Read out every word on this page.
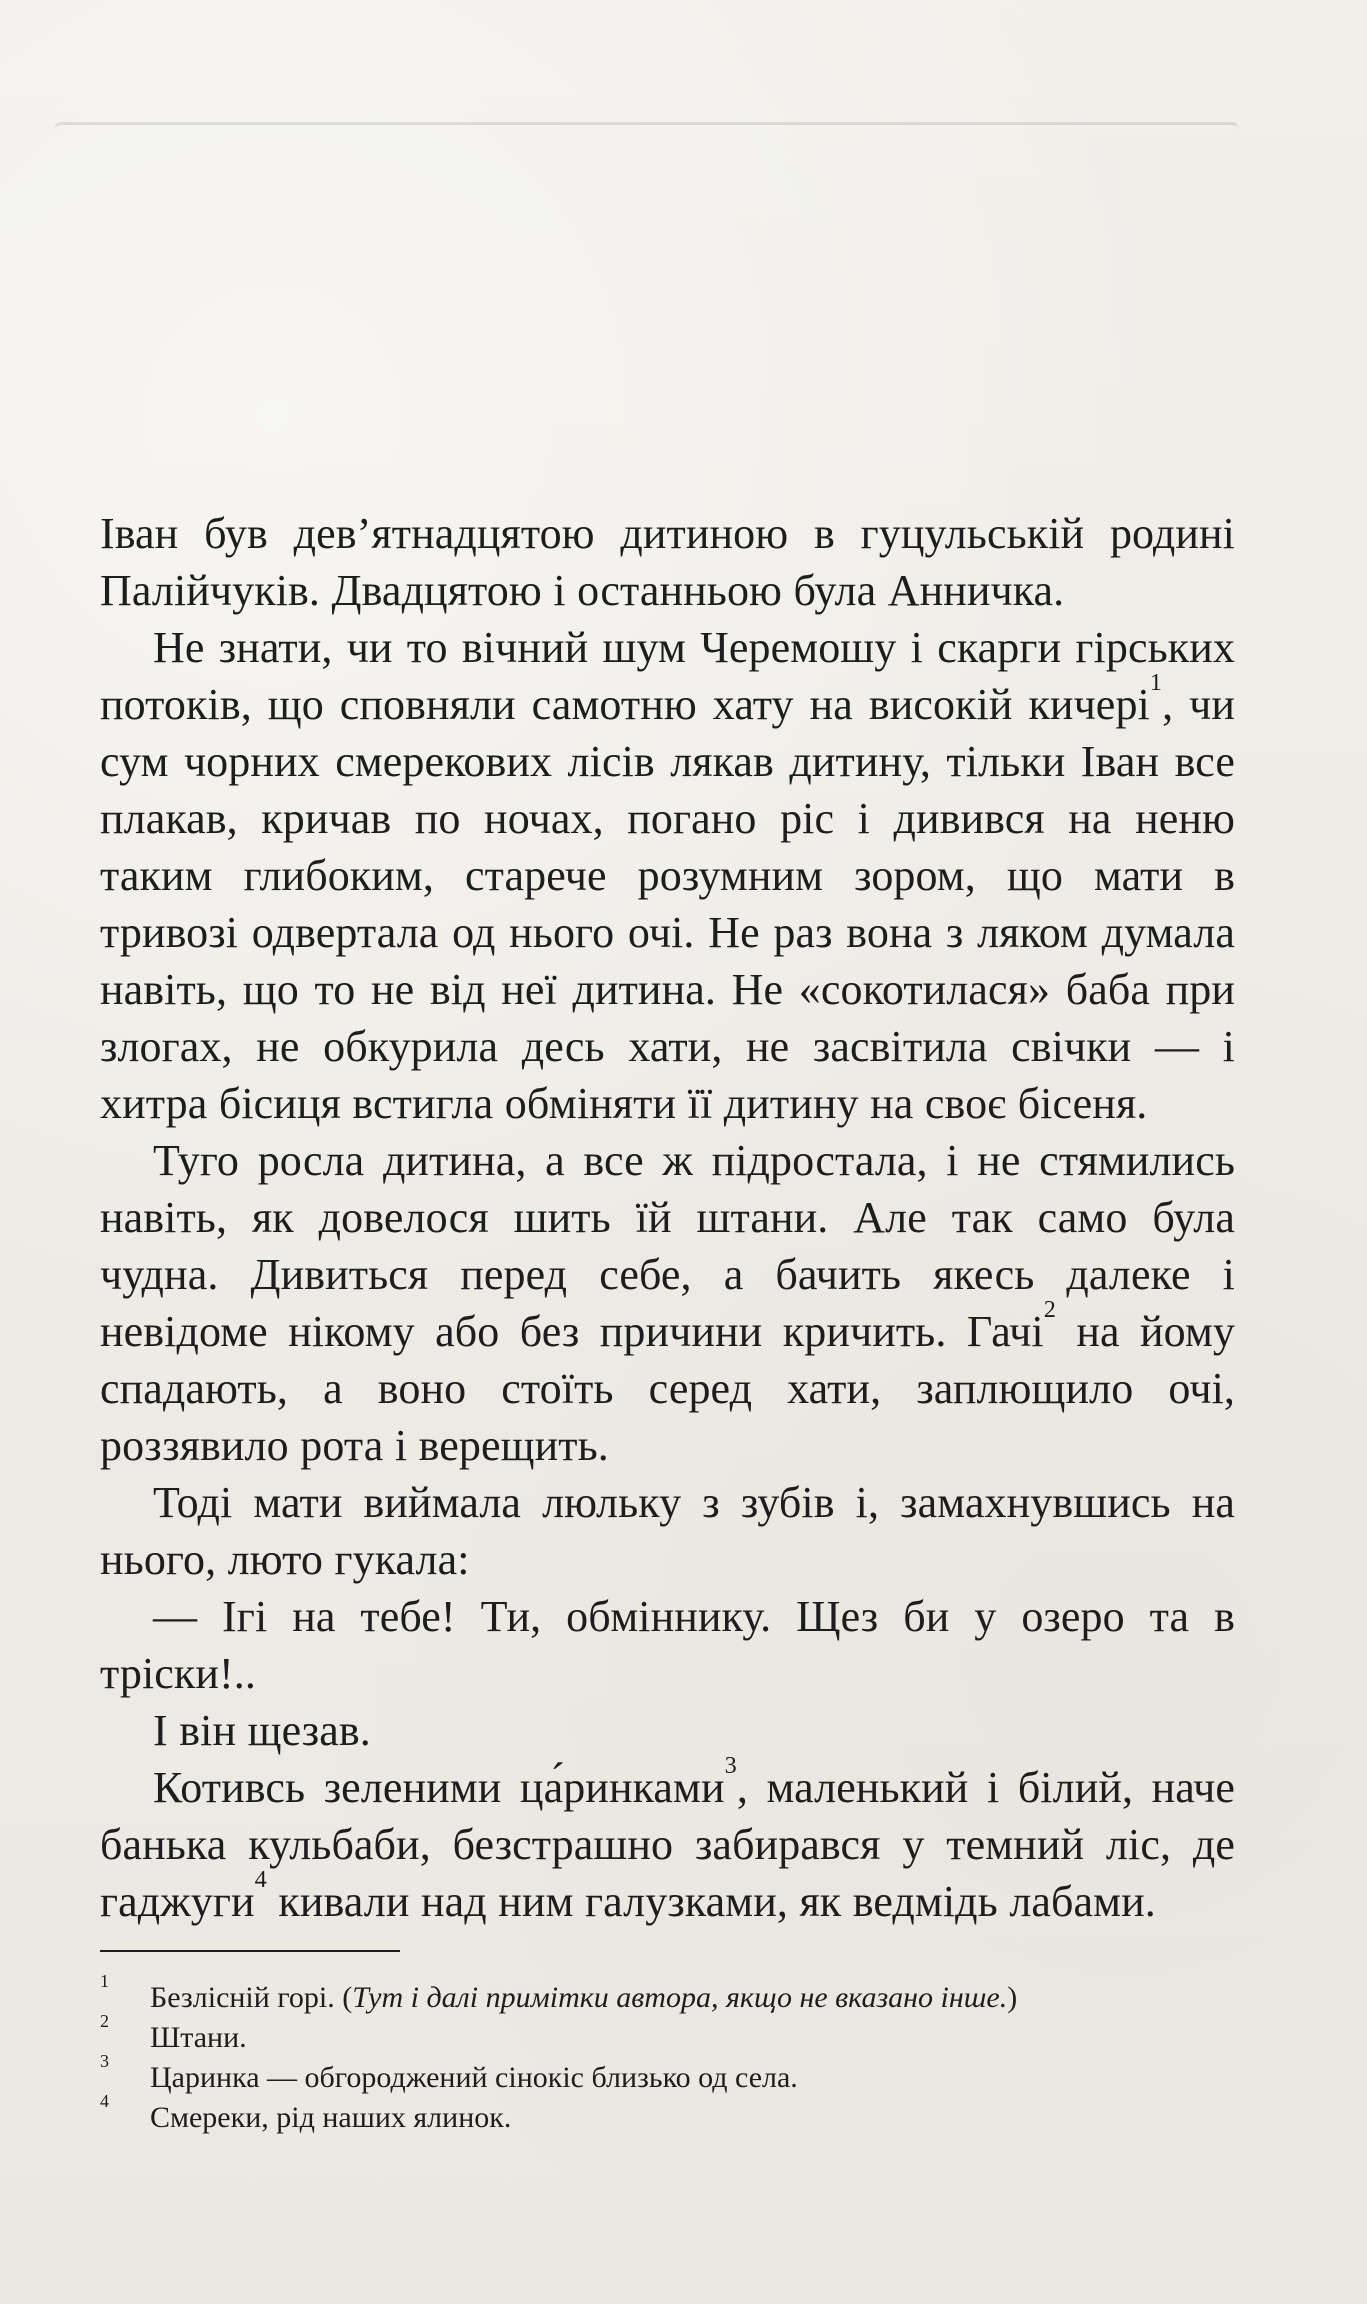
Іван був дев’ятнадцятою дитиною в гуцульській родині Палійчуків. Двадцятою і останньою була Анничка.

Не знати, чи то вічний шум Черемошу і скарги гірських потоків, що сповняли самотню хату на високій кичері$^1$, чи сум чорних смерекових лісів лякав дитину, тільки Іван все плакав, кричав по ночах, погано ріс і дивився на неню таким глибоким, старече розумним зором, що мати в тривозі одвертала од нього очі. Не раз вона з ляком думала навіть, що то не від неї дитина. Не «сокотилася» баба при злогах, не обкурила десь хати, не засвітила свічки — і хитра бісиця встигла обміняти її дитину на своє бісеня.

Туго росла дитина, а все ж підростала, і не стямились навіть, як довелося шить їй штани. Але так само була чудна. Дивиться перед себе, а бачить якесь далеке і невідоме нікому або без причини кричить. Гачі$^2$ на йому спадають, а воно стоїть серед хати, заплющило очі, роззявило рота і верещить.

Тоді мати виймала люльку з зубів і, замахнувшись на нього, люто гукала:

— Ігі на тебе! Ти, обміннику. Щез би у озеро та в тріски!..

І він щезав.

Котивсь зеленими ца́ринками$^3$, маленький і білий, наче банька кульбаби, безстрашно забирався у темний ліс, де гаджуги$^4$ кивали над ним галузками, як ведмідь лабами.

1 Безлісній горі. (Тут і далі примітки автора, якщо не вказано інше.)
2 Штани.
3 Царинка — обгороджений сінокіс близько од села.
4 Смереки, рід наших ялинок.
